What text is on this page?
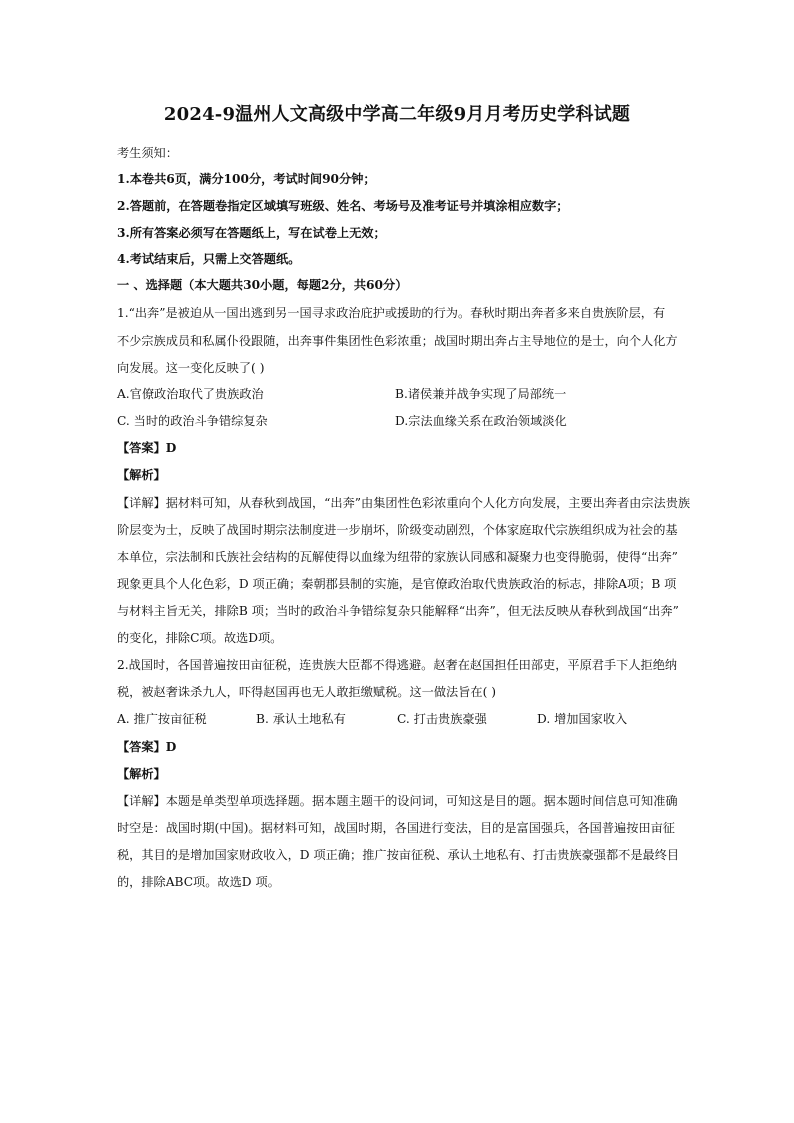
2024-9温州人文高级中学高二年级9月月考历史学科试题
考生须知：
1.本卷共6页，满分100分，考试时间90分钟；
2.答题前，在答题卷指定区域填写班级、姓名、考场号及准考证号并填涂相应数字；
3.所有答案必须写在答题纸上，写在试卷上无效；
4.考试结束后，只需上交答题纸。
一 、选择题（本大题共30小题，每题2分，共60分）
1.“出奔”是被迫从一国出逃到另一国寻求政治庇护或援助的行为。春秋时期出奔者多来自贵族阶层，有
不少宗族成员和私属仆役跟随，出奔事件集团性色彩浓重；战国时期出奔占主导地位的是士，向个人化方
向发展。这一变化反映了( )
A.官僚政治取代了贵族政治	B.诸侯兼并战争实现了局部统一
C. 当时的政治斗争错综复杂	D.宗法血缘关系在政治领域淡化
【答案】D
【解析】
【详解】据材料可知，从春秋到战国，“出奔”由集团性色彩浓重向个人化方向发展，主要出奔者由宗法贵族
阶层变为士，反映了战国时期宗法制度进一步崩坏，阶级变动剧烈，个体家庭取代宗族组织成为社会的基
本单位，宗法制和氏族社会结构的瓦解使得以血缘为纽带的家族认同感和凝聚力也变得脆弱，使得“出奔”
现象更具个人化色彩，D 项正确；秦朝郡县制的实施，是官僚政治取代贵族政治的标志，排除A项；B 项
与材料主旨无关，排除B 项；当时的政治斗争错综复杂只能解释“出奔”，但无法反映从春秋到战国“出奔”
的变化，排除C项。故选D项。
2.战国时，各国普遍按田亩征税，连贵族大臣都不得逃避。赵奢在赵国担任田部吏，平原君手下人拒绝纳
税，被赵奢诛杀九人，吓得赵国再也无人敢拒缴赋税。这一做法旨在( )
A. 推广按亩征税	B. 承认土地私有	C. 打击贵族豪强	D. 增加国家收入
【答案】D
【解析】
【详解】本题是单类型单项选择题。据本题主题干的设问词，可知这是目的题。据本题时间信息可知准确
时空是：战国时期(中国)。据材料可知，战国时期，各国进行变法，目的是富国强兵，各国普遍按田亩征
税，其目的是增加国家财政收入，D 项正确；推广按亩征税、承认土地私有、打击贵族豪强都不是最终目
的，排除ABC项。故选D 项。
